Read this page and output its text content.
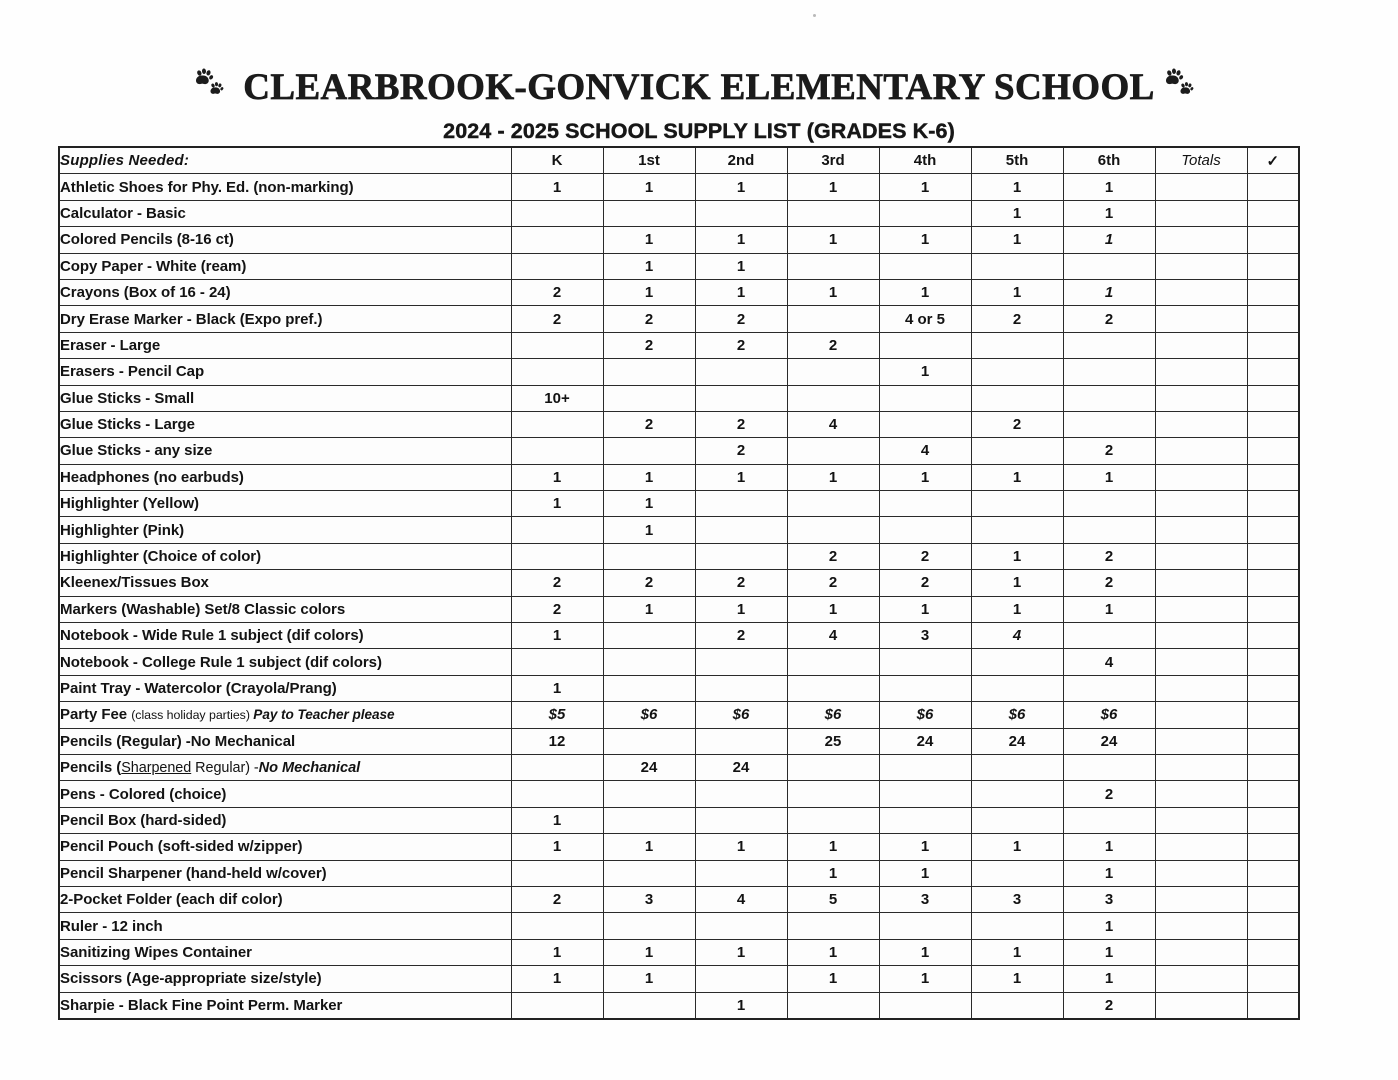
CLEARBROOK-GONVICK ELEMENTARY SCHOOL
2024 - 2025 SCHOOL SUPPLY LIST (GRADES K-6)
Supplies Needed:	K	1st	2nd	3rd	4th	5th	6th	Totals	✓
Athletic Shoes for Phy. Ed. (non-marking)	1	1	1	1	1	1	1		
Calculator - Basic						1	1		
Colored Pencils (8-16 ct)		1	1	1	1	1	1		
Copy Paper - White (ream)		1	1						
Crayons (Box of 16 - 24)	2	1	1	1	1	1	1		
Dry Erase Marker - Black (Expo pref.)	2	2	2		4 or 5	2	2		
Eraser - Large		2	2	2					
Erasers - Pencil Cap					1				
Glue Sticks - Small	10+								
Glue Sticks - Large		2	2	4		2			
Glue Sticks - any size			2		4		2		
Headphones (no earbuds)	1	1	1	1	1	1	1		
Highlighter (Yellow)	1	1							
Highlighter (Pink)		1							
Highlighter (Choice of color)				2	2	1	2		
Kleenex/Tissues Box	2	2	2	2	2	1	2		
Markers (Washable) Set/8 Classic colors	2	1	1	1	1	1	1		
Notebook - Wide Rule 1 subject (dif colors)	1		2	4	3	4			
Notebook - College Rule 1 subject (dif colors)							4		
Paint Tray - Watercolor (Crayola/Prang)	1								
Party Fee (class holiday parties) Pay to Teacher please	$5	$6	$6	$6	$6	$6	$6		
Pencils (Regular) -No Mechanical	12			25	24	24	24		
Pencils (Sharpened Regular) -No Mechanical		24	24						
Pens - Colored (choice)							2		
Pencil Box (hard-sided)	1								
Pencil Pouch (soft-sided w/zipper)	1	1	1	1	1	1	1		
Pencil Sharpener (hand-held w/cover)				1	1		1		
2-Pocket Folder (each dif color)	2	3	4	5	3	3	3		
Ruler - 12 inch							1		
Sanitizing Wipes Container	1	1	1	1	1	1	1		
Scissors (Age-appropriate size/style)	1	1		1	1	1	1		
Sharpie - Black Fine Point Perm. Marker			1				2		
